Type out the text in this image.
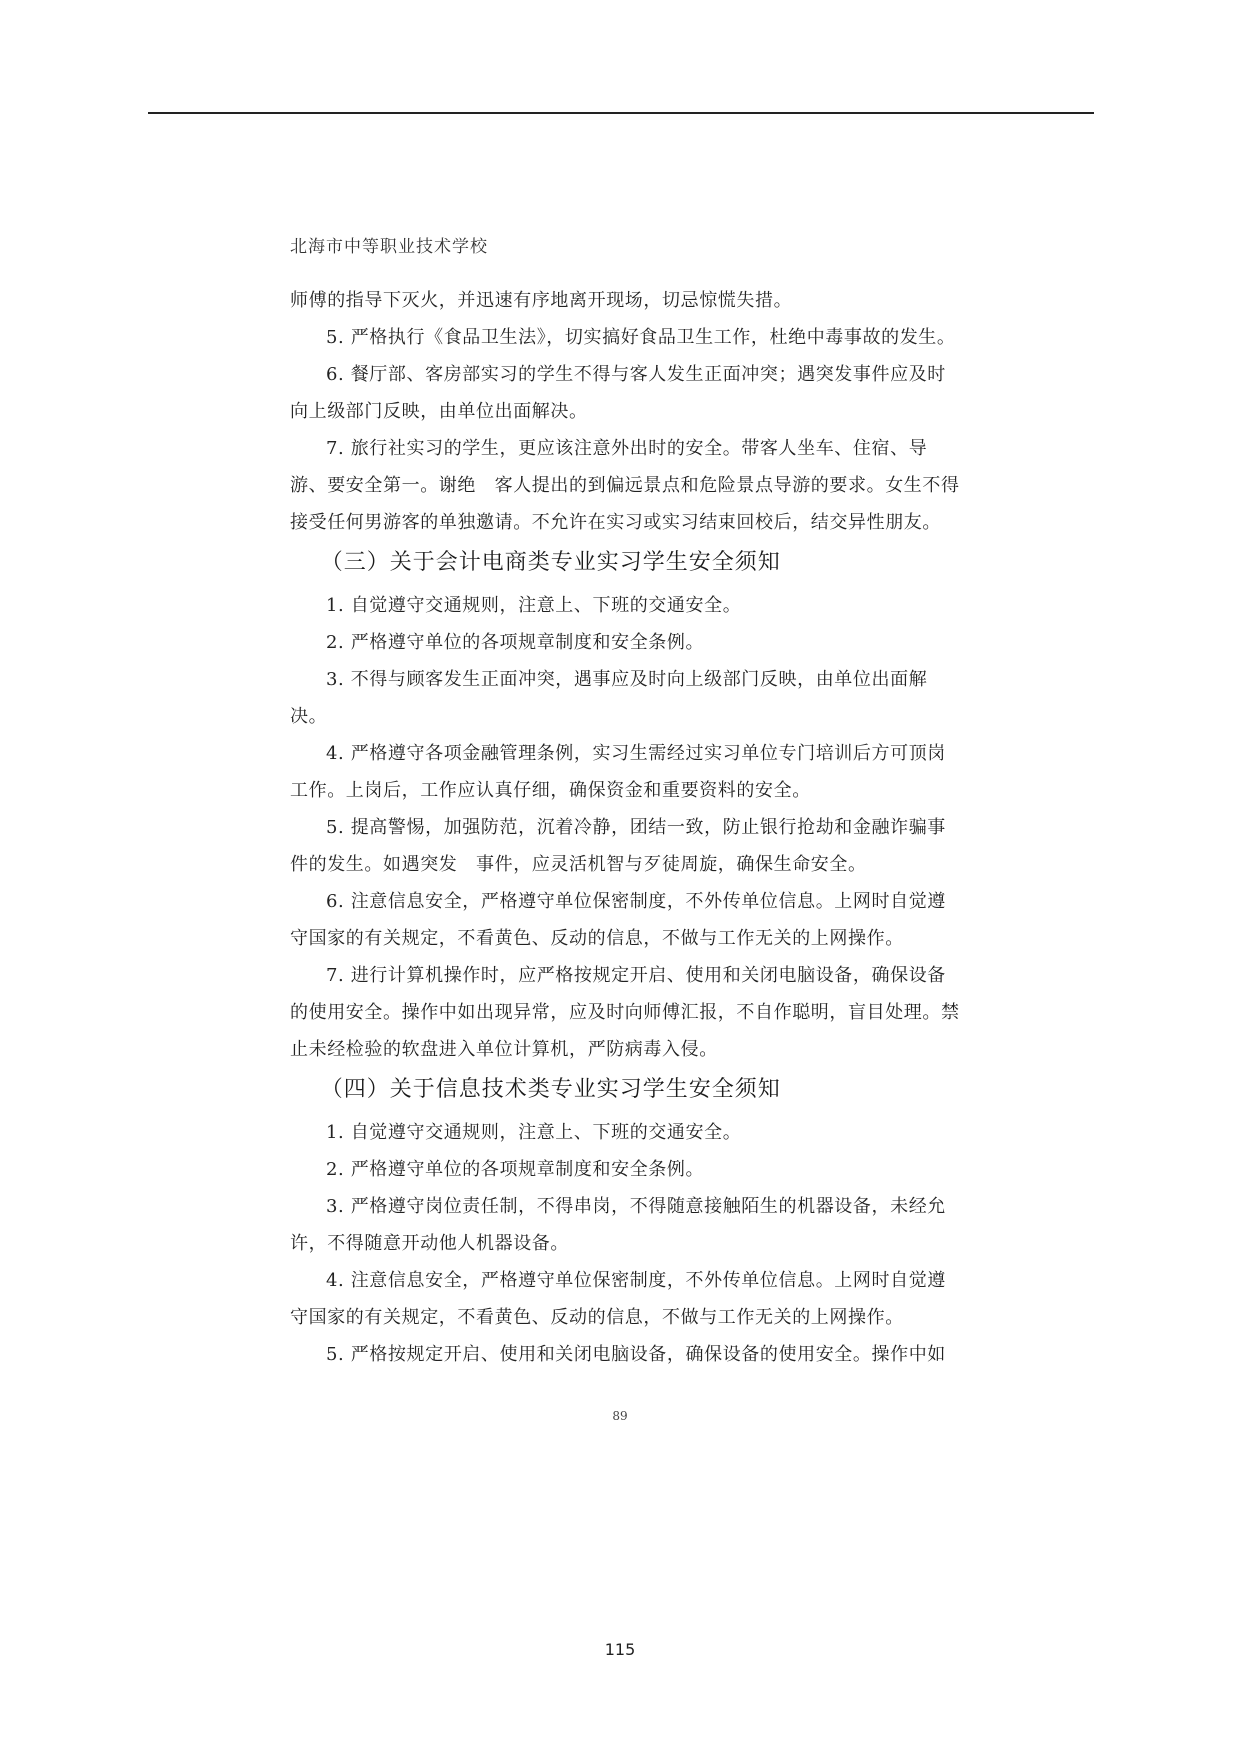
北海市中等职业技术学校

师傅的指导下灭火，并迅速有序地离开现场，切忌惊慌失措。

5. 严格执行《食品卫生法》，切实搞好食品卫生工作，杜绝中毒事故的发生。

6. 餐厅部、客房部实习的学生不得与客人发生正面冲突；遇突发事件应及时向上级部门反映，由单位出面解决。

7. 旅行社实习的学生，更应该注意外出时的安全。带客人坐车、住宿、导游、要安全第一。谢绝　客人提出的到偏远景点和危险景点导游的要求。女生不得接受任何男游客的单独邀请。不允许在实习或实习结束回校后，结交异性朋友。

（三）关于会计电商类专业实习学生安全须知

1. 自觉遵守交通规则，注意上、下班的交通安全。

2. 严格遵守单位的各项规章制度和安全条例。

3. 不得与顾客发生正面冲突，遇事应及时向上级部门反映，由单位出面解决。

4. 严格遵守各项金融管理条例，实习生需经过实习单位专门培训后方可顶岗工作。上岗后，工作应认真仔细，确保资金和重要资料的安全。

5. 提高警惕，加强防范，沉着冷静，团结一致，防止银行抢劫和金融诈骗事件的发生。如遇突发　事件，应灵活机智与歹徒周旋，确保生命安全。

6. 注意信息安全，严格遵守单位保密制度，不外传单位信息。上网时自觉遵守国家的有关规定，不看黄色、反动的信息，不做与工作无关的上网操作。

7. 进行计算机操作时，应严格按规定开启、使用和关闭电脑设备，确保设备的使用安全。操作中如出现异常，应及时向师傅汇报，不自作聪明，盲目处理。禁止未经检验的软盘进入单位计算机，严防病毒入侵。

（四）关于信息技术类专业实习学生安全须知

1. 自觉遵守交通规则，注意上、下班的交通安全。

2. 严格遵守单位的各项规章制度和安全条例。

3. 严格遵守岗位责任制，不得串岗，不得随意接触陌生的机器设备，未经允许，不得随意开动他人机器设备。

4. 注意信息安全，严格遵守单位保密制度，不外传单位信息。上网时自觉遵守国家的有关规定，不看黄色、反动的信息，不做与工作无关的上网操作。

5. 严格按规定开启、使用和关闭电脑设备，确保设备的使用安全。操作中如

89
115
